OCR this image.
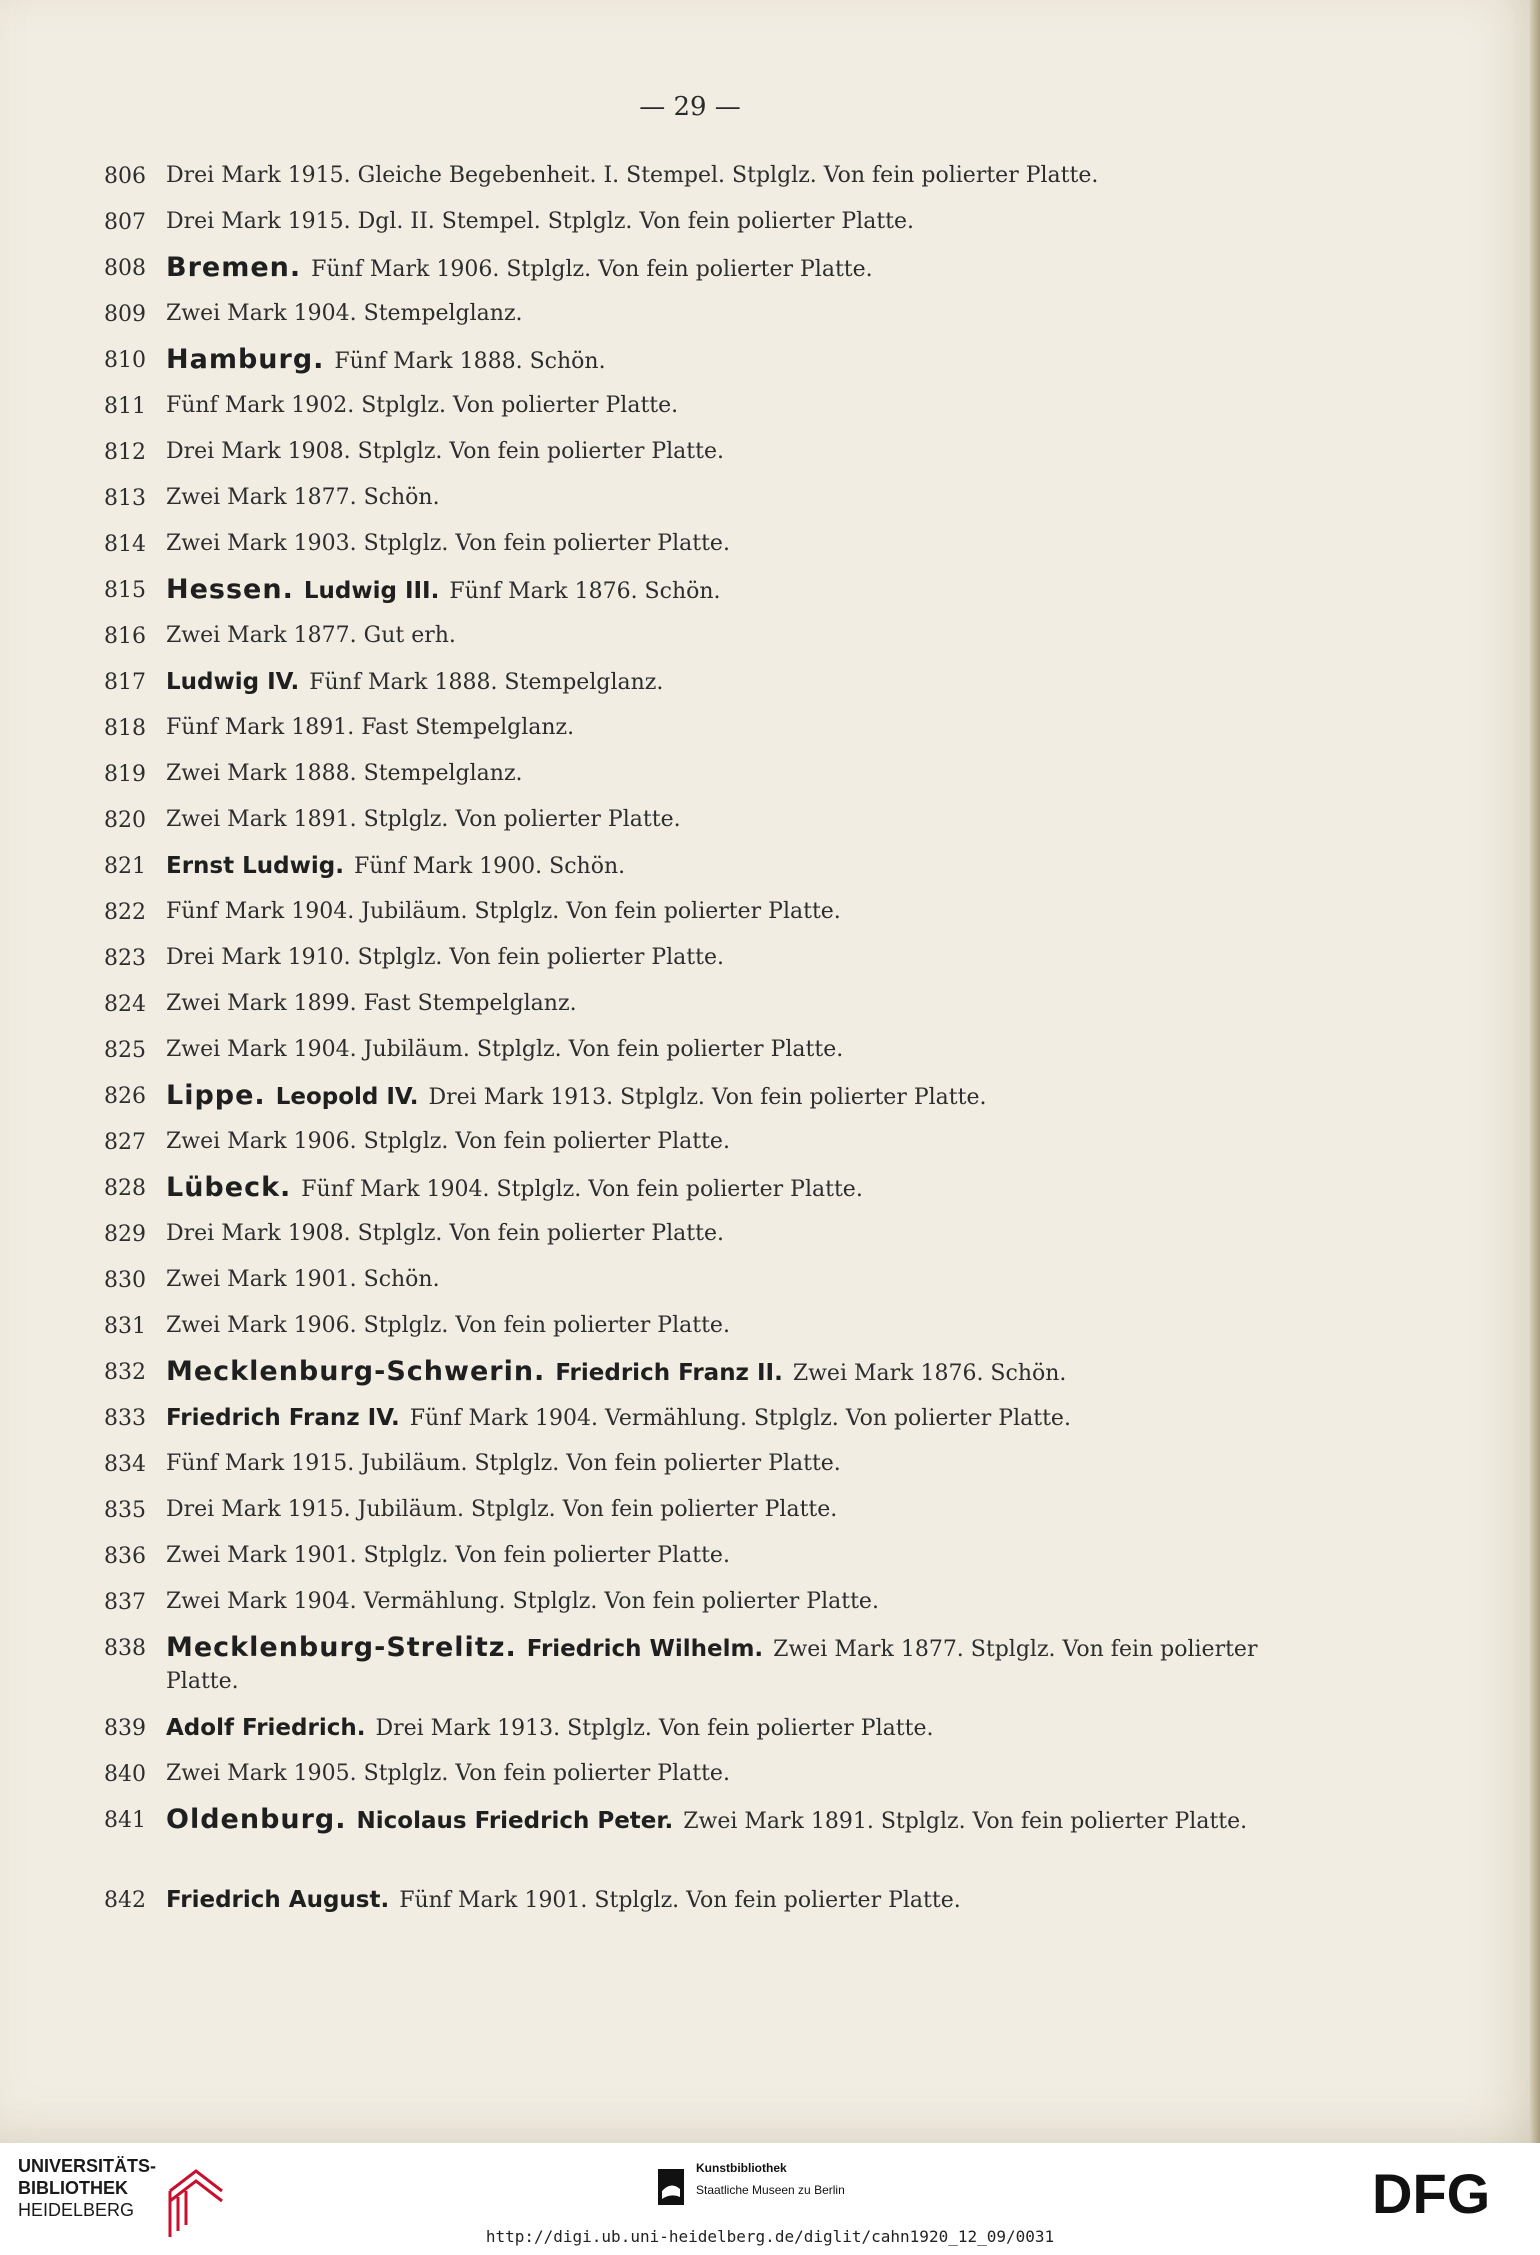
— 29 —
806 Drei Mark 1915. Gleiche Begebenheit. I. Stempel. Stplglz. Von fein polierter Platte.
807 Drei Mark 1915. Dgl. II. Stempel. Stplglz. Von fein polierter Platte.
808 Bremen. Fünf Mark 1906. Stplglz. Von fein polierter Platte.
809 Zwei Mark 1904. Stempelglanz.
810 Hamburg. Fünf Mark 1888. Schön.
811 Fünf Mark 1902. Stplglz. Von polierter Platte.
812 Drei Mark 1908. Stplglz. Von fein polierter Platte.
813 Zwei Mark 1877. Schön.
814 Zwei Mark 1903. Stplglz. Von fein polierter Platte.
815 Hessen. Ludwig III. Fünf Mark 1876. Schön.
816 Zwei Mark 1877. Gut erh.
817 Ludwig IV. Fünf Mark 1888. Stempelglanz.
818 Fünf Mark 1891. Fast Stempelglanz.
819 Zwei Mark 1888. Stempelglanz.
820 Zwei Mark 1891. Stplglz. Von polierter Platte.
821 Ernst Ludwig. Fünf Mark 1900. Schön.
822 Fünf Mark 1904. Jubiläum. Stplglz. Von fein polierter Platte.
823 Drei Mark 1910. Stplglz. Von fein polierter Platte.
824 Zwei Mark 1899. Fast Stempelglanz.
825 Zwei Mark 1904. Jubiläum. Stplglz. Von fein polierter Platte.
826 Lippe. Leopold IV. Drei Mark 1913. Stplglz. Von fein polierter Platte.
827 Zwei Mark 1906. Stplglz. Von fein polierter Platte.
828 Lübeck. Fünf Mark 1904. Stplglz. Von fein polierter Platte.
829 Drei Mark 1908. Stplglz. Von fein polierter Platte.
830 Zwei Mark 1901. Schön.
831 Zwei Mark 1906. Stplglz. Von fein polierter Platte.
832 Mecklenburg-Schwerin. Friedrich Franz II. Zwei Mark 1876. Schön.
833 Friedrich Franz IV. Fünf Mark 1904. Vermählung. Stplglz. Von polierter Platte.
834 Fünf Mark 1915. Jubiläum. Stplglz. Von fein polierter Platte.
835 Drei Mark 1915. Jubiläum. Stplglz. Von fein polierter Platte.
836 Zwei Mark 1901. Stplglz. Von fein polierter Platte.
837 Zwei Mark 1904. Vermählung. Stplglz. Von fein polierter Platte.
838 Mecklenburg-Strelitz. Friedrich Wilhelm. Zwei Mark 1877. Stplglz. Von fein polierter Platte.
839 Adolf Friedrich. Drei Mark 1913. Stplglz. Von fein polierter Platte.
840 Zwei Mark 1905. Stplglz. Von fein polierter Platte.
841 Oldenburg. Nicolaus Friedrich Peter. Zwei Mark 1891. Stplglz. Von fein polierter Platte.
842 Friedrich August. Fünf Mark 1901. Stplglz. Von fein polierter Platte.
UNIVERSITÄTS-
BIBLIOTHEK
HEIDELBERG
Kunstbibliothek
Staatliche Museen zu Berlin	DFG
http://digi.ub.uni-heidelberg.de/diglit/cahn1920_12_09/0031
